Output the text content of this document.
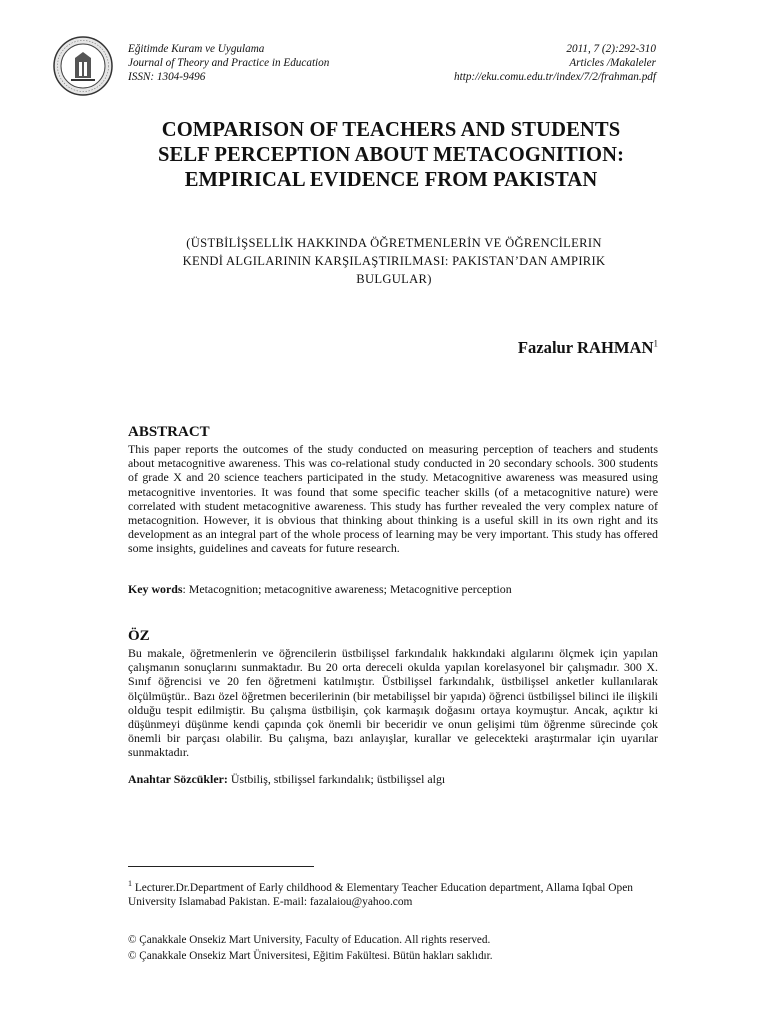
Eğitimde Kuram ve Uygulama
Journal of Theory and Practice in Education
ISSN: 1304-9496
2011, 7 (2):292-310
Articles /Makaleler
http://eku.comu.edu.tr/index/7/2/frahman.pdf
COMPARISON OF TEACHERS AND STUDENTS
SELF PERCEPTION ABOUT METACOGNITION:
EMPIRICAL EVIDENCE FROM PAKISTAN
(ÜSTBİLİŞSELLİK HAKKINDA ÖĞRETMENLERİN VE ÖĞRENCİLERIN
KENDİ ALGILARININ KARŞILAŞTIRILMASI: PAKISTAN’DAN AMPIRIK
BULGULAR)
Fazalur RAHMAN$^1$
ABSTRACT
This paper reports the outcomes of the study conducted on measuring perception of teachers and students about metacognitive awareness. This was co-relational study conducted in 20 secondary schools. 300 students of grade X and 20 science teachers participated in the study. Metacognitive awareness was measured using metacognitive inventories. It was found that some specific teacher skills (of a metacognitive nature) were correlated with student metacognitive awareness. This study has further revealed the very complex nature of metacognition. However, it is obvious that thinking about thinking is a useful skill in its own right and its development as an integral part of the whole process of learning may be very important. This study has offered some insights, guidelines and caveats for future research.
Key words: Metacognition; metacognitive awareness; Metacognitive perception
ÖZ
Bu makale, öğretmenlerin ve öğrencilerin üstbilişsel farkındalık hakkındaki algılarını ölçmek için yapılan çalışmanın sonuçlarını sunmaktadır. Bu 20 orta dereceli okulda yapılan korelasyonel bir çalışmadır. 300 X. Sınıf öğrencisi ve 20 fen öğretmeni katılmıştır. Üstbilişsel farkındalık, üstbilişsel anketler kullanılarak ölçülmüştür.. Bazı özel öğretmen becerilerinin (bir metabilişsel bir yapıda) öğrenci üstbilişsel bilinci ile ilişkili olduğu tespit edilmiştir. Bu çalışma üstbilişin, çok karmaşık doğasını ortaya koymuştur. Ancak, açıktır ki düşünmeyi düşünme kendi çapında çok önemli bir beceridir ve onun gelişimi tüm öğrenme sürecinde çok önemli bir parçası olabilir. Bu çalışma, bazı anlayışlar, kurallar ve gelecekteki araştırmalar için uyarılar sunmaktadır.
Anahtar Sözcükler: Üstbiliş, stbilişsel farkındalık; üstbilişsel algı
$^1$ Lecturer.Dr.Department of Early childhood & Elementary Teacher Education department, Allama Iqbal Open University Islamabad Pakistan. E-mail: fazalaiou@yahoo.com
© Çanakkale Onsekiz Mart University, Faculty of Education. All rights reserved.
© Çanakkale Onsekiz Mart Üniversitesi, Eğitim Fakültesi. Bütün hakları saklıdır.
